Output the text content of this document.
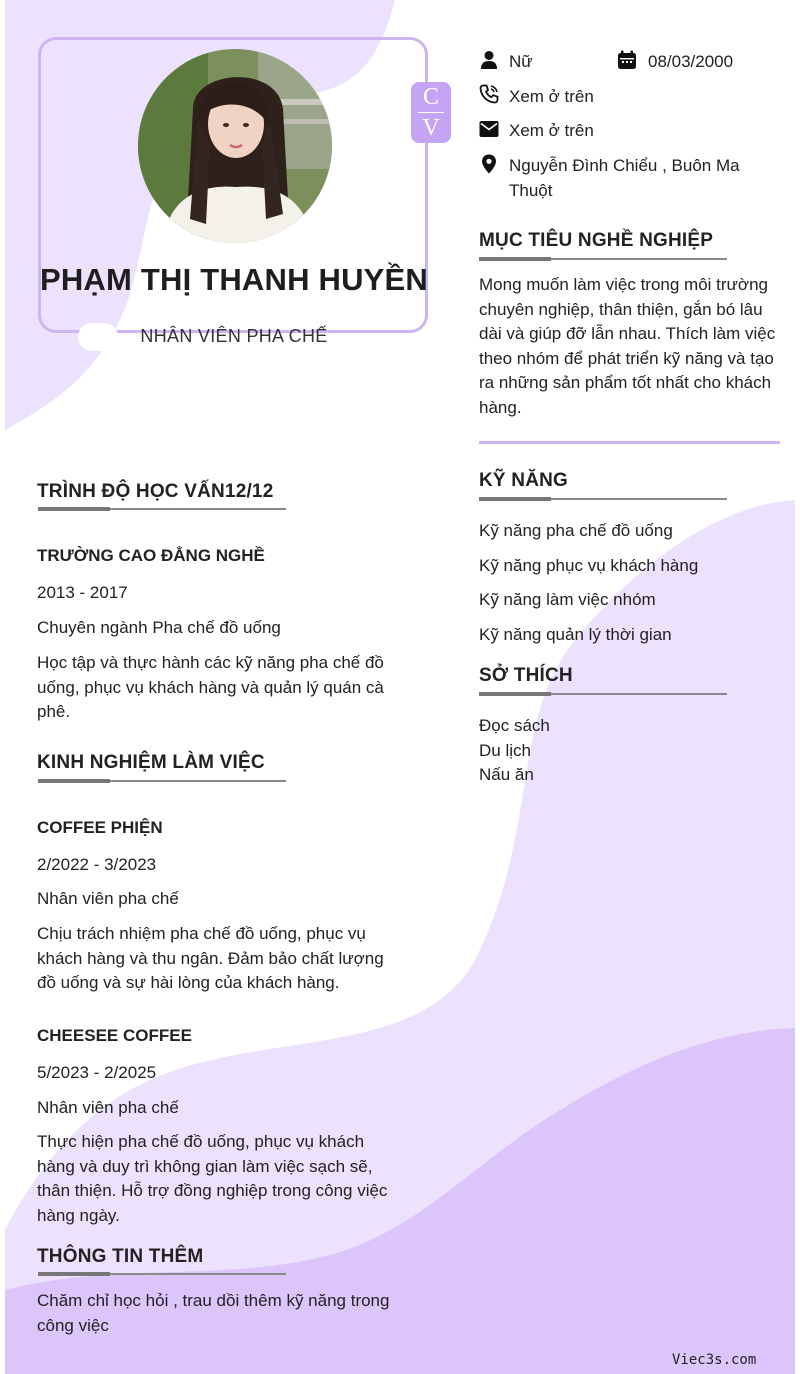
PHẠM THỊ THANH HUYỀN
NHÂN VIÊN PHA CHẾ
C
V
Nữ	08/03/2000
Xem ở trên
Xem ở trên
Nguyễn Đình Chiểu , Buôn Ma
Thuột
MỤC TIÊU NGHỀ NGHIỆP
Mong muốn làm việc trong môi trường
chuyên nghiệp, thân thiện, gắn bó lâu
dài và giúp đỡ lẫn nhau. Thích làm việc
theo nhóm để phát triển kỹ năng và tạo
ra những sản phẩm tốt nhất cho khách
hàng.
KỸ NĂNG
Kỹ năng pha chế đồ uống
Kỹ năng phục vụ khách hàng
Kỹ năng làm việc nhóm
Kỹ năng quản lý thời gian
SỞ THÍCH
Đọc sách
Du lịch
Nấu ăn
TRÌNH ĐỘ HỌC VẤN12/12
TRƯỜNG CAO ĐẲNG NGHỀ
2013 - 2017
Chuyên ngành Pha chế đồ uống
Học tập và thực hành các kỹ năng pha chế đồ
uống, phục vụ khách hàng và quản lý quán cà
phê.
KINH NGHIỆM LÀM VIỆC
COFFEE PHIỆN
2/2022 - 3/2023
Nhân viên pha chế
Chịu trách nhiệm pha chế đồ uống, phục vụ
khách hàng và thu ngân. Đảm bảo chất lượng
đồ uống và sự hài lòng của khách hàng.
CHEESEE COFFEE
5/2023 - 2/2025
Nhân viên pha chế
Thực hiện pha chế đồ uống, phục vụ khách
hàng và duy trì không gian làm việc sạch sẽ,
thân thiện. Hỗ trợ đồng nghiệp trong công việc
hàng ngày.
THÔNG TIN THÊM
Chăm chỉ học hỏi , trau dồi thêm kỹ năng trong
công việc
Viec3s.com
